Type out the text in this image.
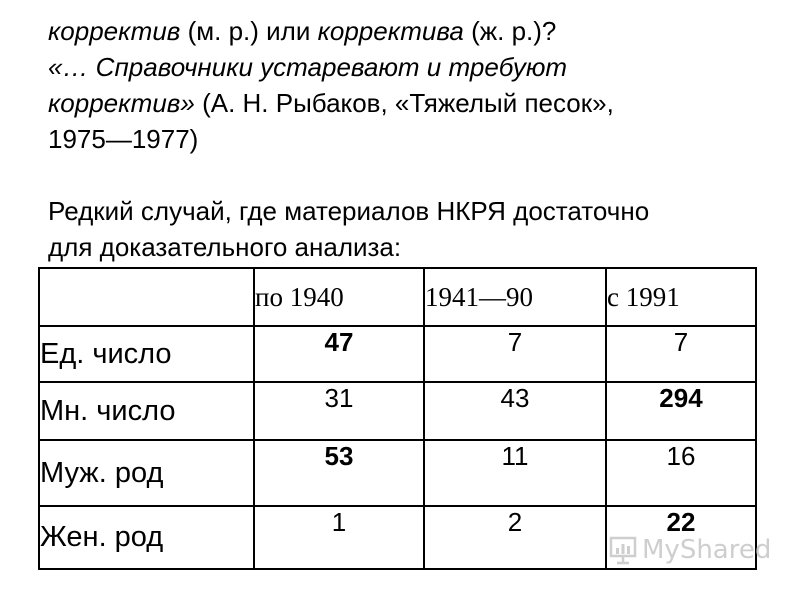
корректив (м. р.) или корректива (ж. р.)?
«… Справочники устаревают и требуют
корректив» (А. Н. Рыбаков, «Тяжелый песок»,
1975—1977)
Редкий случай, где материалов НКРЯ достаточно
для доказательного анализа:
	по 1940	1941—90	с 1991
Ед. число	47	7	7
Мн. число	31	43	294
Муж. род	53	11	16
Жен. род	1	2	22
MyShared
